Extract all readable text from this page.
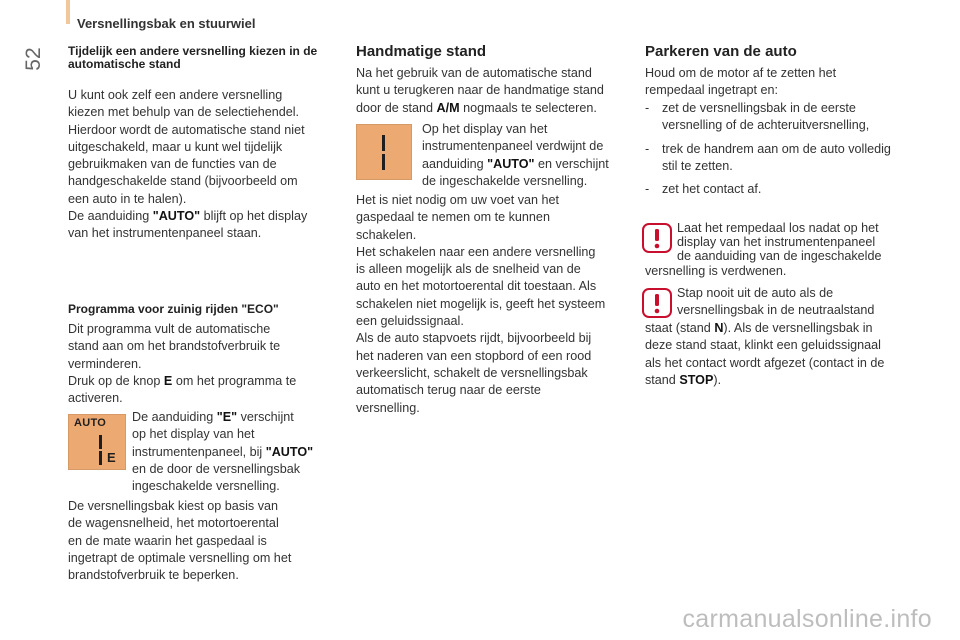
52
Versnellingsbak en stuurwiel
Tijdelijk een andere versnelling kiezen in de automatische stand

U kunt ook zelf een andere versnelling

kiezen met behulp van de selectiehendel.

Hierdoor wordt de automatische stand niet

uitgeschakeld, maar u kunt wel tijdelijk

gebruikmaken van de functies van de

handgeschakelde stand (bijvoorbeeld om

een auto in te halen).

De aanduiding "AUTO" blijft op het display

van het instrumentenpaneel staan.

Programma voor zuinig rijden "ECO"

Dit programma vult de automatische

stand aan om het brandstofverbruik te

verminderen.

Druk op de knop E om het programma te

activeren.

AUTO
E

De aanduiding "E" verschijnt

op het display van het

instrumentenpaneel, bij "AUTO"

en de door de versnellingsbak

ingeschakelde versnelling.

De versnellingsbak kiest op basis van

de wagensnelheid, het motortoerental

en de mate waarin het gaspedaal is

ingetrapt de optimale versnelling om het

brandstofverbruik te beperken.

Handmatige stand

Na het gebruik van de automatische stand

kunt u terugkeren naar de handmatige stand

door de stand A/M nogmaals te selecteren.

Op het display van het

instrumentenpaneel verdwijnt de

aanduiding "AUTO" en verschijnt

de ingeschakelde versnelling.

Het is niet nodig om uw voet van het

gaspedaal te nemen om te kunnen

schakelen.

Het schakelen naar een andere versnelling

is alleen mogelijk als de snelheid van de

auto en het motortoerental dit toestaan. Als

schakelen niet mogelijk is, geeft het systeem

een geluidssignaal.

Als de auto stapvoets rijdt, bijvoorbeeld bij

het naderen van een stopbord of een rood

verkeerslicht, schakelt de versnellingsbak

automatisch terug naar de eerste

versnelling.

Parkeren van de auto

Houd om de motor af te zetten het

rempedaal ingetrapt en:

- zet de versnellingsbak in de eerste
versnelling of de achteruitversnelling,
- trek de handrem aan om de auto volledig
stil te zetten.
- zet het contact af.

Laat het rempedaal los nadat op het

display van het instrumentenpaneel

de aanduiding van de ingeschakelde

versnelling is verdwenen.

Stap nooit uit de auto als de

versnellingsbak in de neutraalstand

staat (stand N). Als de versnellingsbak in

deze stand staat, klinkt een geluidssignaal

als het contact wordt afgezet (contact in de

stand STOP).

carmanualsonline.info
